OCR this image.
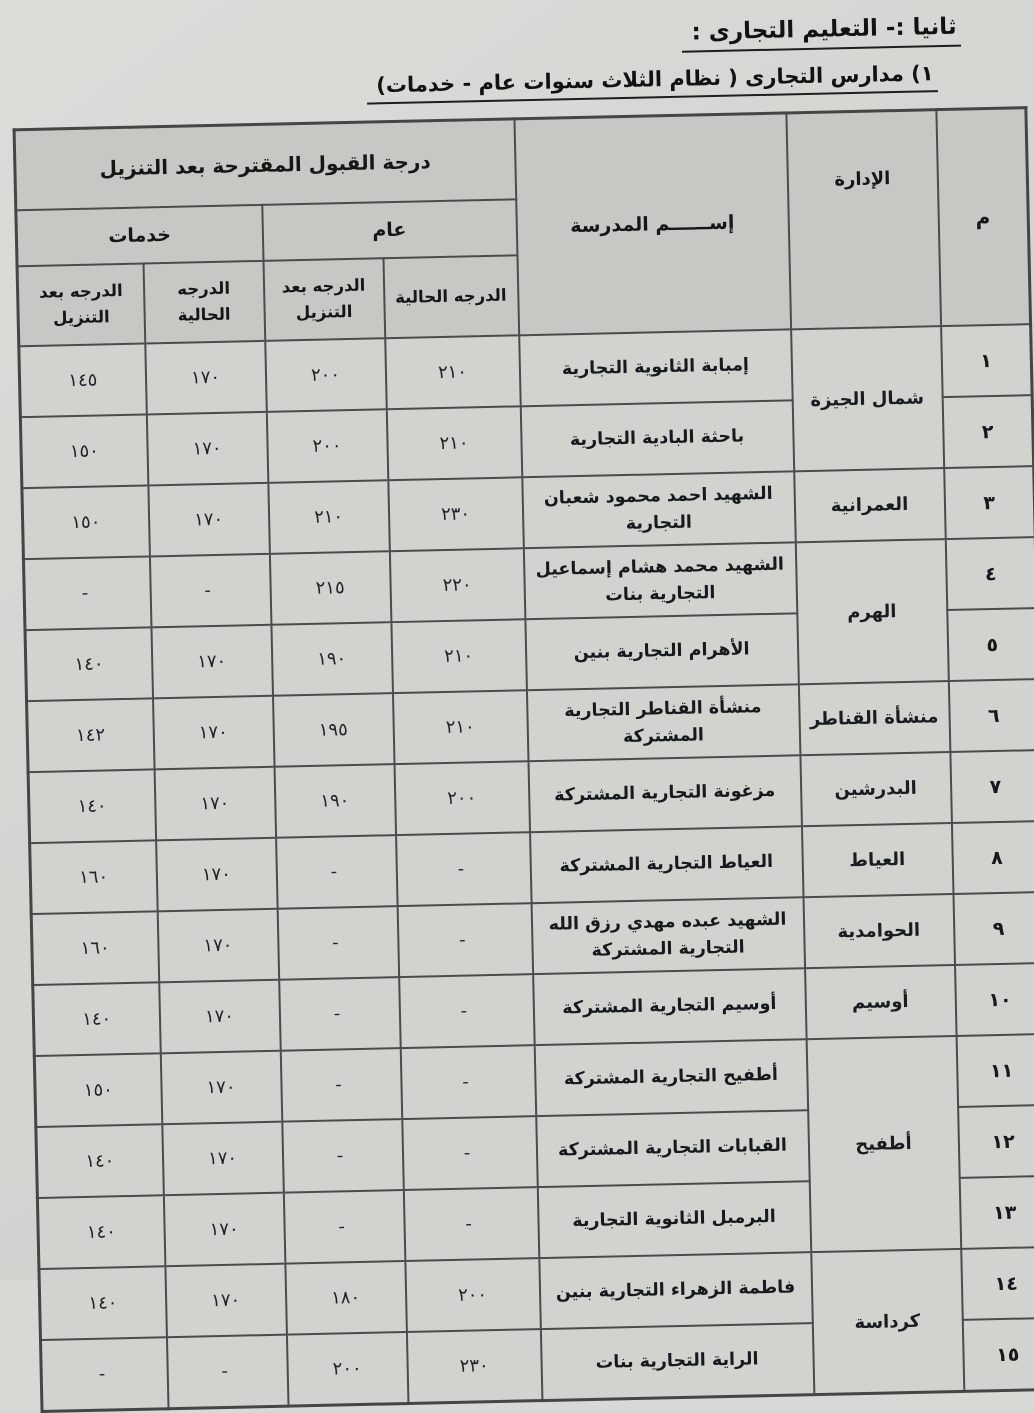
ثانيا :- التعليم التجارى :
١) مدارس التجارى ( نظام الثلاث سنوات عام - خدمات)
م	الإدارة	إســــــم المدرسة	درجة القبول المقترحة بعد التنزيل			
			عام		خدمات	
			الدرجه الحالية	الدرجه بعد التنزيل	الدرجه الحالية	الدرجه بعد التنزيل
١	شمال الجيزة	إمبابة الثانوية التجارية	٢١٠	٢٠٠	١٧٠	١٤٥
٢		باحثة البادية التجارية	٢١٠	٢٠٠	١٧٠	١٥٠
٣	العمرانية	الشهيد احمد محمود شعبان التجارية	٢٣٠	٢١٠	١٧٠	١٥٠
٤	الهرم	الشهيد محمد هشام إسماعيل التجارية بنات	٢٢٠	٢١٥	-	-
٥		الأهرام التجارية بنين	٢١٠	١٩٠	١٧٠	١٤٠
٦	منشأة القناطر	منشأة القناطر التجارية المشتركة	٢١٠	١٩٥	١٧٠	١٤٢
٧	البدرشين	مزغونة التجارية المشتركة	٢٠٠	١٩٠	١٧٠	١٤٠
٨	العياط	العياط التجارية المشتركة	-	-	١٧٠	١٦٠
٩	الحوامدية	الشهيد عبده مهدي رزق الله التجارية المشتركة	-	-	١٧٠	١٦٠
١٠	أوسيم	أوسيم التجارية المشتركة	-	-	١٧٠	١٤٠
١١	أطفيح	أطفيح التجارية المشتركة	-	-	١٧٠	١٥٠
١٢		القبابات التجارية المشتركة	-	-	١٧٠	١٤٠
١٣		البرمبل الثانوية التجارية	-	-	١٧٠	١٤٠
١٤	كرداسة	فاطمة الزهراء التجارية بنين	٢٠٠	١٨٠	١٧٠	١٤٠
١٥		الراية التجارية بنات	٢٣٠	٢٠٠	-	-
